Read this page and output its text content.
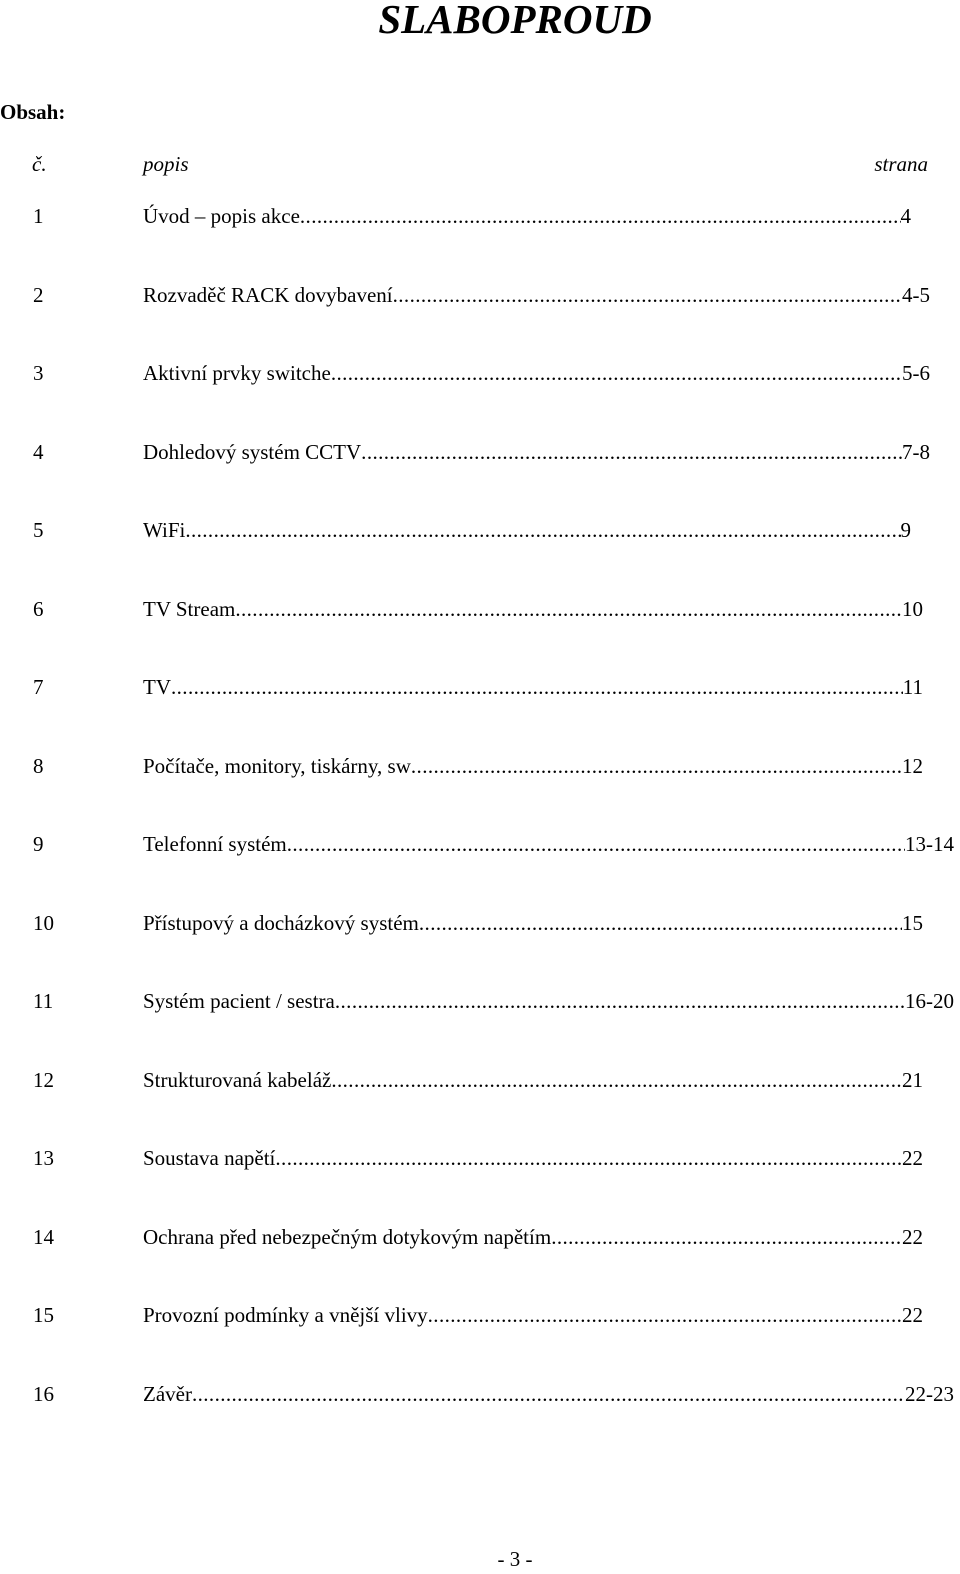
SLABOPROUD
Obsah:
č.	popis	strana
1	Úvod – popis akce .....	4
2	Rozvaděč RACK dovybavení .....	4-5
3	Aktivní prvky switche .....	5-6
4	Dohledový systém CCTV .....	7-8
5	WiFi .....	9
6	TV Stream .....	10
7	TV .....	11
8	Počítače, monitory, tiskárny, sw .....	12
9	Telefonní systém .....	13-14
10	Přístupový a docházkový systém .....	15
11	Systém pacient / sestra .....	16-20
12	Strukturovaná kabeláž .....	21
13	Soustava napětí .....	22
14	Ochrana před nebezpečným dotykovým napětím .....	22
15	Provozní podmínky a vnější vlivy .....	22
16	Závěr .....	22-23
- 3 -
